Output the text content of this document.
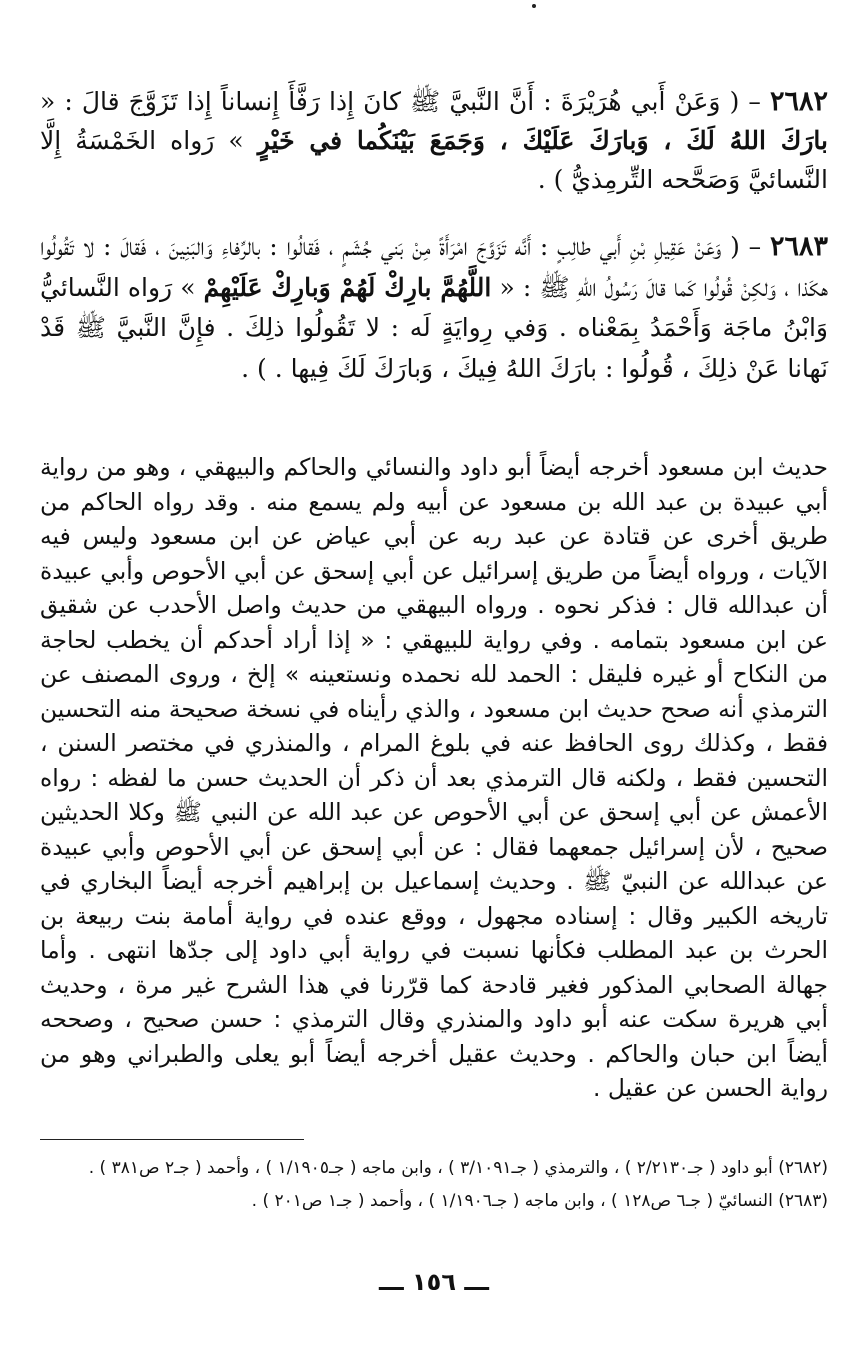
٢٦٨٢ – ( وَعَنْ أَبي هُرَيْرَةَ : أَنَّ النَّبيَّ ﷺ كانَ إِذا رَفَّأَ إِنساناً إِذا تَزَوَّجَ قالَ : « بارَكَ اللهُ لَكَ ، وَبارَكَ عَلَيْكَ ، وَجَمَعَ بَيْنَكُما في خَيْرٍ » رَواه الخَمْسَةُ إِلَّا النَّسائيَّ وَصَحَّحه التِّرمِذيُّ ) .
٢٦٨٣ – ( وَعَنْ عَقِيلِ بْنِ أَبي طالِبٍ : أَنَّه تَزَوَّجَ امْرَأَةً مِنْ بَني جُشَمٍ ، فَقالُوا : بالرِّفاءِ وَالبَنِينَ ، فَقالَ : لا تَقُولُوا هكَذا ، وَلكِنْ قُولُوا كَما قالَ رَسُولُ اللهِ ﷺ : « اللَّهُمَّ بارِكْ لَهُمْ وَبارِكْ عَلَيْهِمْ » رَواه النَّسائيُّ وَابْنُ ماجَة وَأَحْمَدُ بِمَعْناه . وَفي رِوايَةٍ لَه : لا تَقُولُوا ذلِكَ . فإِنَّ النَّبيَّ ﷺ قَدْ نَهانا عَنْ ذلِكَ ، قُولُوا : بارَكَ اللهُ فِيكَ ، وَبارَكَ لَكَ فِيها . ) .
حديث ابن مسعود أخرجه أيضاً أبو داود والنسائي والحاكم والبيهقي ، وهو من رواية أبي عبيدة بن عبد الله بن مسعود عن أبيه ولم يسمع منه . وقد رواه الحاكم من طريق أخرى عن قتادة عن عبد ربه عن أبي عياض عن ابن مسعود وليس فيه الآيات ، ورواه أيضاً من طريق إسرائيل عن أبي إسحق عن أبي الأحوص وأبي عبيدة أن عبدالله قال : فذكر نحوه . ورواه البيهقي من حديث واصل الأحدب عن شقيق عن ابن مسعود بتمامه . وفي رواية للبيهقي : « إذا أراد أحدكم أن يخطب لحاجة من النكاح أو غيره فليقل : الحمد لله نحمده ونستعينه » إلخ ، وروى المصنف عن الترمذي أنه صحح حديث ابن مسعود ، والذي رأيناه في نسخة صحيحة منه التحسين فقط ، وكذلك روى الحافظ عنه في بلوغ المرام ، والمنذري في مختصر السنن ، التحسين فقط ، ولكنه قال الترمذي بعد أن ذكر أن الحديث حسن ما لفظه : رواه الأعمش عن أبي إسحق عن أبي الأحوص عن عبد الله عن النبي ﷺ وكلا الحديثين صحيح ، لأن إسرائيل جمعهما فقال : عن أبي إسحق عن أبي الأحوص وأبي عبيدة عن عبدالله عن النبيّ ﷺ . وحديث إسماعيل بن إبراهيم أخرجه أيضاً البخاري في تاريخه الكبير وقال : إسناده مجهول ، ووقع عنده في رواية أمامة بنت ربيعة بن الحرث بن عبد المطلب فكأنها نسبت في رواية أبي داود إلى جدّها انتهى . وأما جهالة الصحابي المذكور فغير قادحة كما قرّرنا في هذا الشرح غير مرة ، وحديث أبي هريرة سكت عنه أبو داود والمنذري وقال الترمذي : حسن صحيح ، وصححه أيضاً ابن حبان والحاكم . وحديث عقيل أخرجه أيضاً أبو يعلى والطبراني وهو من رواية الحسن عن عقيل .

(٢٦٨٢) أبو داود ( جـ٢/٢١٣٠ ) ، والترمذي ( جـ٣/١٠٩١ ) ، وابن ماجه ( جـ١/١٩٠٥ ) ، وأحمد ( جـ٢ ص٣٨١ ) .

(٢٦٨٣) النسائيّ ( جـ٦ ص١٢٨ ) ، وابن ماجه ( جـ١/١٩٠٦ ) ، وأحمد ( جـ١ ص٢٠١ ) .

ـــ ١٥٦ ـــ
